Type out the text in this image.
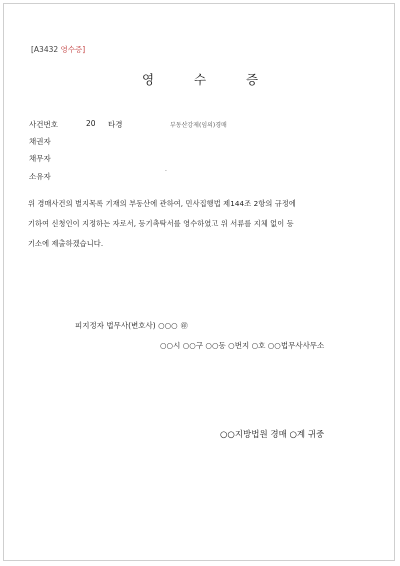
[A3432 영수증]
영	수	증
사건번호	20 타경	부동산강제(임의)경매
채권자
채무자
·
소유자
위 경매사건의 별지목록 기재의 부동산에 관하여, 민사집행법 제144조 2항의 규정에
기하여 신청인이 지정하는 자로서, 등기촉탁서를 영수하였고 위 서류를 지체 없이 등
기소에 제출하겠습니다.
피지정자 법무사(변호사) ○○○ ㊞
○○시 ○○구 ○○동 ○번지 ○호 ○○법무사사무소
○○지방법원 경매 ○계 귀중
